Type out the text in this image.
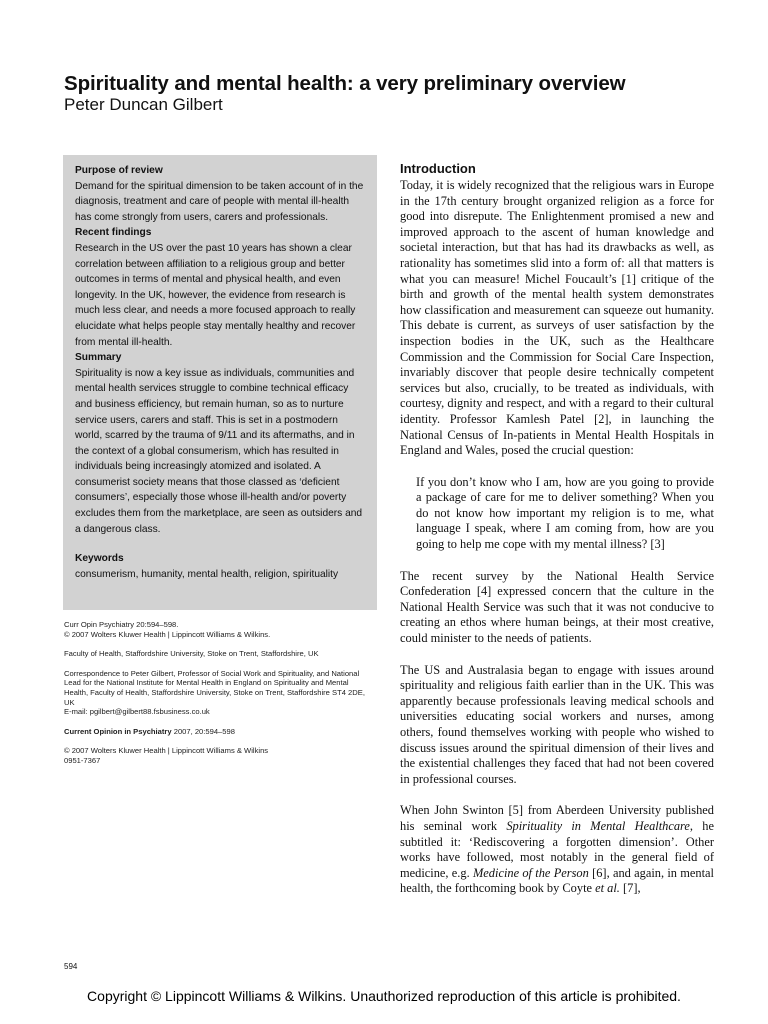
Spirituality and mental health: a very preliminary overview
Peter Duncan Gilbert

Purpose of review

Demand for the spiritual dimension to be taken account of in the diagnosis, treatment and care of people with mental ill-health has come strongly from users, carers and professionals.

Recent findings

Research in the US over the past 10 years has shown a clear correlation between affiliation to a religious group and better outcomes in terms of mental and physical health, and even longevity. In the UK, however, the evidence from research is much less clear, and needs a more focused approach to really elucidate what helps people stay mentally healthy and recover from mental ill-health.

Summary

Spirituality is now a key issue as individuals, communities and mental health services struggle to combine technical efficacy and business efficiency, but remain human, so as to nurture service users, carers and staff. This is set in a postmodern world, scarred by the trauma of 9/11 and its aftermaths, and in the context of a global consumerism, which has resulted in individuals being increasingly atomized and isolated. A consumerist society means that those classed as ‘deficient consumers’, especially those whose ill-health and/or poverty excludes them from the marketplace, are seen as outsiders and a dangerous class.

Keywords

consumerism, humanity, mental health, religion, spirituality

Curr Opin Psychiatry 20:594–598.
© 2007 Wolters Kluwer Health | Lippincott Williams & Wilkins.

Faculty of Health, Staffordshire University, Stoke on Trent, Staffordshire, UK

Correspondence to Peter Gilbert, Professor of Social Work and Spirituality, and National Lead for the National Institute for Mental Health in England on Spirituality and Mental Health, Faculty of Health, Staffordshire University, Stoke on Trent, Staffordshire ST4 2DE, UK
E-mail: pgilbert@gilbert88.fsbusiness.co.uk

Current Opinion in Psychiatry 2007, 20:594–598

© 2007 Wolters Kluwer Health | Lippincott Williams & Wilkins
0951-7367

Introduction

Today, it is widely recognized that the religious wars in Europe in the 17th century brought organized religion as a force for good into disrepute. The Enlightenment promised a new and improved approach to the ascent of human knowledge and societal interaction, but that has had its drawbacks as well, as rationality has sometimes slid into a form of: all that matters is what you can measure! Michel Foucault’s [1] critique of the birth and growth of the mental health system demonstrates how classification and measurement can squeeze out humanity. This debate is current, as surveys of user satisfaction by the inspection bodies in the UK, such as the Healthcare Commission and the Commission for Social Care Inspection, invariably discover that people desire technically competent services but also, crucially, to be treated as individuals, with courtesy, dignity and respect, and with a regard to their cultural identity. Professor Kamlesh Patel [2], in launching the National Census of In-patients in Mental Health Hospitals in England and Wales, posed the crucial question:

If you don’t know who I am, how are you going to provide a package of care for me to deliver something? When you do not know how important my religion is to me, what language I speak, where I am coming from, how are you going to help me cope with my mental illness? [3]

The recent survey by the National Health Service Confederation [4] expressed concern that the culture in the National Health Service was such that it was not conducive to creating an ethos where human beings, at their most creative, could minister to the needs of patients.

The US and Australasia began to engage with issues around spirituality and religious faith earlier than in the UK. This was apparently because professionals leaving medical schools and universities educating social workers and nurses, among others, found themselves working with people who wished to discuss issues around the spiritual dimension of their lives and the existential challenges they faced that had not been covered in professional courses.

When John Swinton [5] from Aberdeen University published his seminal work Spirituality in Mental Healthcare, he subtitled it: ‘Rediscovering a forgotten dimension’. Other works have followed, most notably in the general field of medicine, e.g. Medicine of the Person [6], and again, in mental health, the forthcoming book by Coyte et al. [7],

594
Copyright © Lippincott Williams & Wilkins. Unauthorized reproduction of this article is prohibited.
